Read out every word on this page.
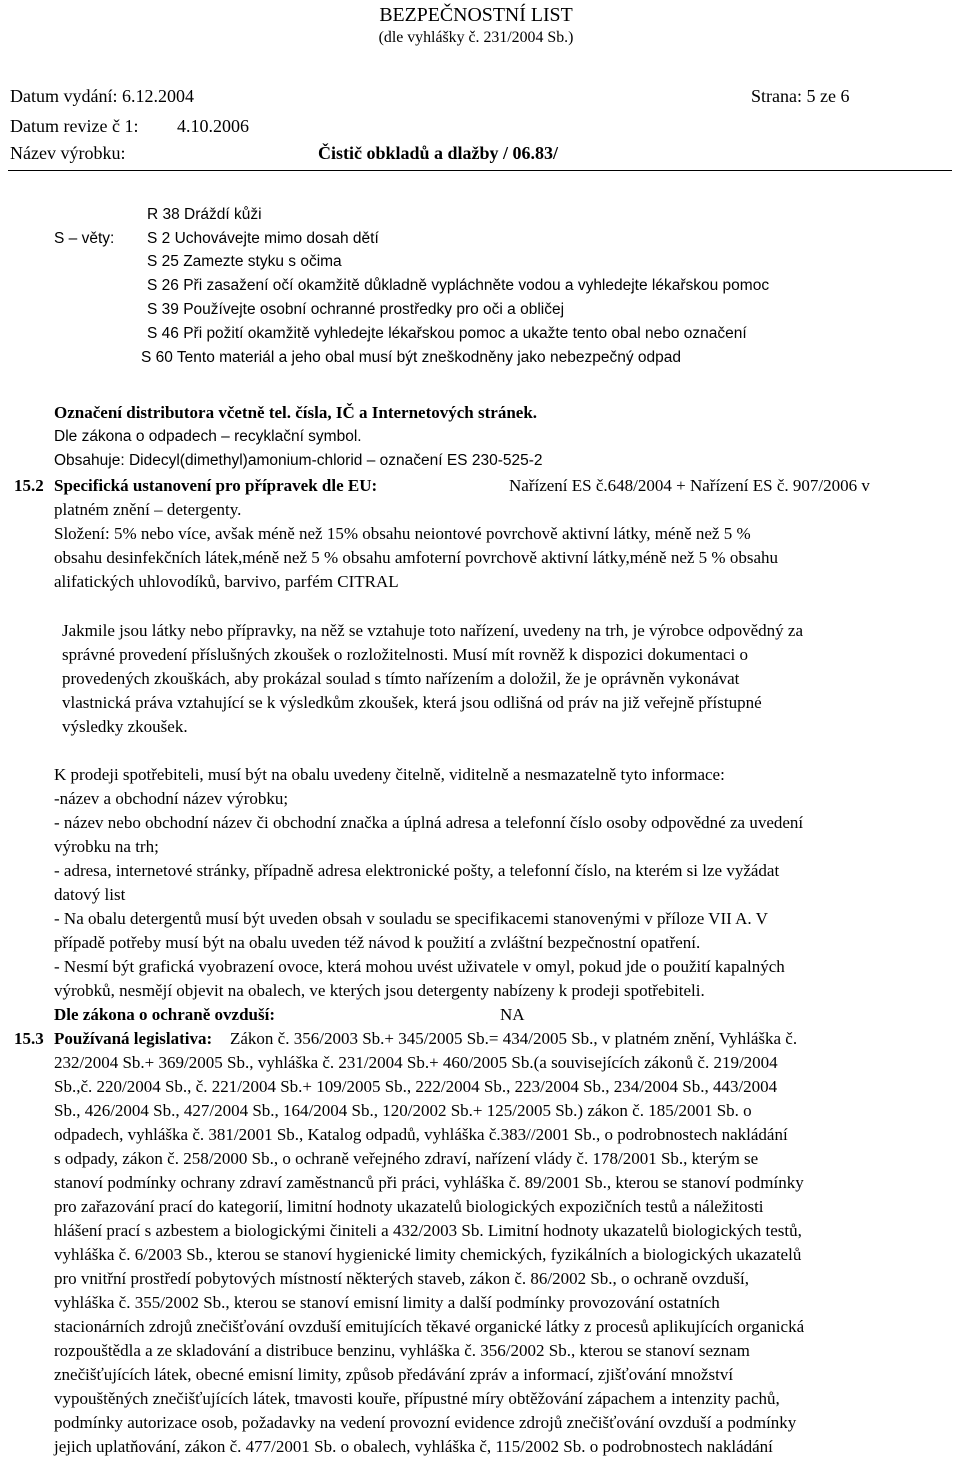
BEZPEČNOSTNÍ LIST
(dle vyhlášky č. 231/2004 Sb.)
Datum vydání: 6.12.2004	Strana: 5 ze 6
Datum revize č 1: 4.10.2006
Název výrobku:	Čistič obkladů a dlažby / 06.83/
R 38 Dráždí kůži
S – věty: S 2 Uchovávejte mimo dosah dětí
S 25 Zamezte styku s očima
S 26 Při zasažení očí okamžitě důkladně vypláchněte vodou a vyhledejte lékařskou pomoc
S 39 Používejte osobní ochranné prostředky pro oči a obličej
S 46 Při požití okamžitě vyhledejte lékařskou pomoc a ukažte tento obal nebo označení
S 60 Tento materiál a jeho obal musí být zneškodněny jako nebezpečný odpad
Označení distributora včetně tel. čísla, IČ a Internetových stránek.
Dle zákona o odpadech – recyklační symbol.
Obsahuje: Didecyl(dimethyl)amonium-chlorid – označení ES 230-525-2
15.2 Specifická ustanovení pro přípravek dle EU:	Nařízení ES č.648/2004 + Nařízení ES č. 907/2006 v
platném znění – detergenty.
Složení: 5% nebo více, avšak méně než 15% obsahu neiontové povrchově aktivní látky, méně než 5 %
obsahu desinfekčních látek,méně než 5 % obsahu amfoterní povrchově aktivní látky,méně než 5 % obsahu
alifatických uhlovodíků, barvivo, parfém CITRAL
Jakmile jsou látky nebo přípravky, na něž se vztahuje toto nařízení, uvedeny na trh, je výrobce odpovědný za
správné provedení příslušných zkoušek o rozložitelnosti. Musí mít rovněž k dispozici dokumentaci o
provedených zkouškách, aby prokázal soulad s tímto nařízením a doložil, že je oprávněn vykonávat
vlastnická práva vztahující se k výsledkům zkoušek, která jsou odlišná od práv na již veřejně přístupné
výsledky zkoušek.
K prodeji spotřebiteli, musí být na obalu uvedeny čitelně, viditelně a nesmazatelně tyto informace:
-název a obchodní název výrobku;
- název nebo obchodní název či obchodní značka a úplná adresa a telefonní číslo osoby odpovědné za uvedení
výrobku na trh;
- adresa, internetové stránky, případně adresa elektronické pošty, a telefonní číslo, na kterém si lze vyžádat
datový list
- Na obalu detergentů musí být uveden obsah v souladu se specifikacemi stanovenými v příloze VII A. V
případě potřeby musí být na obalu uveden též návod k použití a zvláštní bezpečnostní opatření.
- Nesmí být grafická vyobrazení ovoce, která mohou uvést uživatele v omyl, pokud jde o použití kapalných
výrobků, nesmějí objevit na obalech, ve kterých jsou detergenty nabízeny k prodeji spotřebiteli.
Dle zákona o ochraně ovzduší:	NA
15.3 Používaná legislativa: Zákon č. 356/2003 Sb.+ 345/2005 Sb.= 434/2005 Sb., v platném znění, Vyhláška č.
232/2004 Sb.+ 369/2005 Sb., vyhláška č. 231/2004 Sb.+ 460/2005 Sb.(a souvisejících zákonů č. 219/2004
Sb.,č. 220/2004 Sb., č. 221/2004 Sb.+ 109/2005 Sb., 222/2004 Sb., 223/2004 Sb., 234/2004 Sb., 443/2004
Sb., 426/2004 Sb., 427/2004 Sb., 164/2004 Sb., 120/2002 Sb.+ 125/2005 Sb.) zákon č. 185/2001 Sb. o
odpadech, vyhláška č. 381/2001 Sb., Katalog odpadů, vyhláška č.383//2001 Sb., o podrobnostech nakládání
s odpady, zákon č. 258/2000 Sb., o ochraně veřejného zdraví, nařízení vlády č. 178/2001 Sb., kterým se
stanoví podmínky ochrany zdraví zaměstnanců při práci, vyhláška č. 89/2001 Sb., kterou se stanoví podmínky
pro zařazování prací do kategorií, limitní hodnoty ukazatelů biologických expozičních testů a náležitosti
hlášení prací s azbestem a biologickými činiteli a 432/2003 Sb. Limitní hodnoty ukazatelů biologických testů,
vyhláška č. 6/2003 Sb., kterou se stanoví hygienické limity chemických, fyzikálních a biologických ukazatelů
pro vnitřní prostředí pobytových místností některých staveb, zákon č. 86/2002 Sb., o ochraně ovzduší,
vyhláška č. 355/2002 Sb., kterou se stanoví emisní limity a další podmínky provozování ostatních
stacionárních zdrojů znečišťování ovzduší emitujících těkavé organické látky z procesů aplikujících organická
rozpouštědla a ze skladování a distribuce benzinu, vyhláška č. 356/2002 Sb., kterou se stanoví seznam
znečišťujících látek, obecné emisní limity, způsob předávání zpráv a informací, zjišťování množství
vypouštěných znečišťujících látek, tmavosti kouře, přípustné míry obtěžování zápachem a intenzity pachů,
podmínky autorizace osob, požadavky na vedení provozní evidence zdrojů znečišťování ovzduší a podmínky
jejich uplatňování, zákon č. 477/2001 Sb. o obalech, vyhláška č, 115/2002 Sb. o podrobnostech nakládání
